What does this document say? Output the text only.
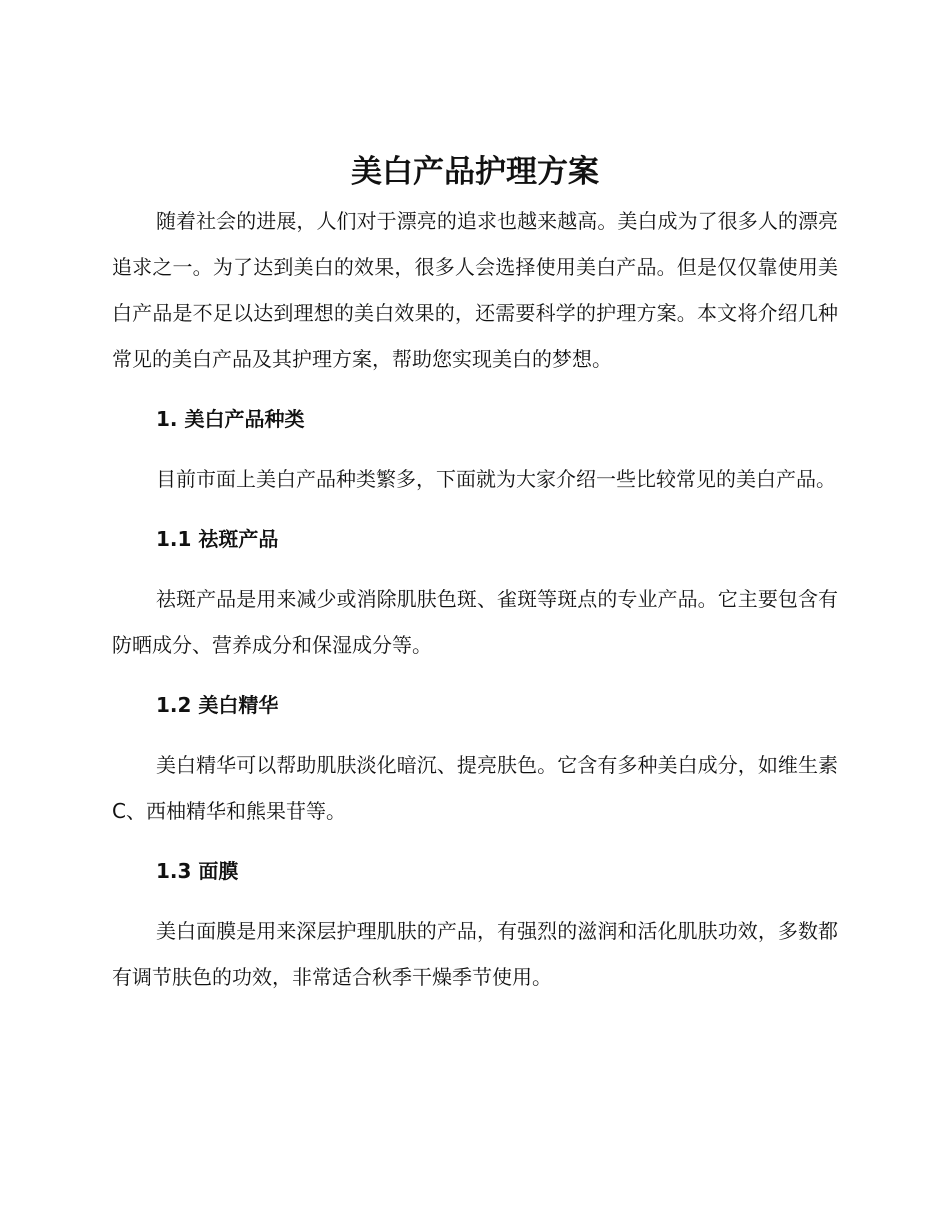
美白产品护理方案

随着社会的进展，人们对于漂亮的追求也越来越高。美白成为了很多人的漂亮追求之一。为了达到美白的效果，很多人会选择使用美白产品。但是仅仅靠使用美白产品是不足以达到理想的美白效果的，还需要科学的护理方案。本文将介绍几种常见的美白产品及其护理方案，帮助您实现美白的梦想。

1. 美白产品种类

目前市面上美白产品种类繁多，下面就为大家介绍一些比较常见的美白产品。

1.1 祛斑产品

祛斑产品是用来减少或消除肌肤色斑、雀斑等斑点的专业产品。它主要包含有防晒成分、营养成分和保湿成分等。

1.2 美白精华

美白精华可以帮助肌肤淡化暗沉、提亮肤色。它含有多种美白成分，如维生素 C、西柚精华和熊果苷等。

1.3 面膜

美白面膜是用来深层护理肌肤的产品，有强烈的滋润和活化肌肤功效，多数都有调节肤色的功效，非常适合秋季干燥季节使用。
